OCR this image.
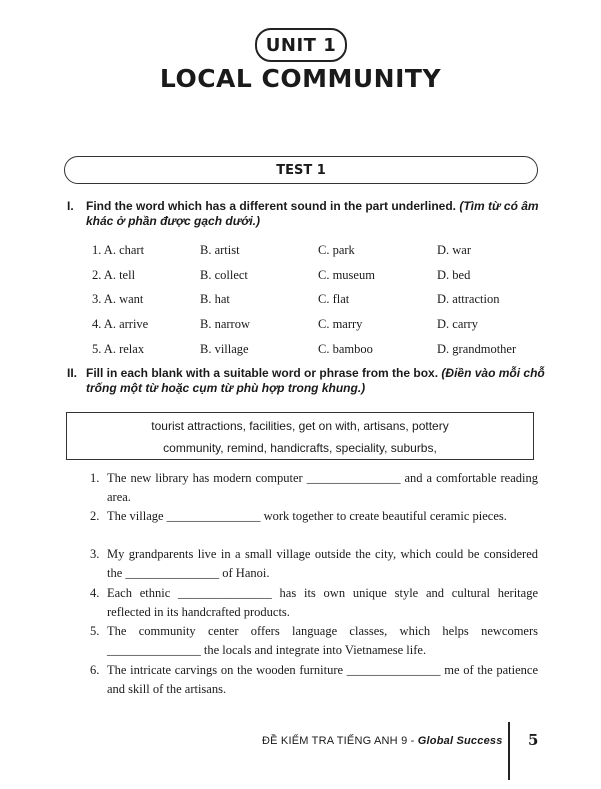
UNIT 1
LOCAL COMMUNITY
TEST 1
I. Find the word which has a different sound in the part underlined. (Tìm từ có âm khác ở phần được gạch dưới.)
1. A. chart	B. artist	C. park	D. war
2. A. tell	B. collect	C. museum	D. bed
3. A. want	B. hat	C. flat	D. attraction
4. A. arrive	B. narrow	C. marry	D. carry
5. A. relax	B. village	C. bamboo	D. grandmother
II. Fill in each blank with a suitable word or phrase from the box. (Điền vào mỗi chỗ trống một từ hoặc cụm từ phù hợp trong khung.)
tourist attractions, facilities, get on with, artisans, pottery
community, remind, handicrafts, speciality, suburbs,
1. The new library has modern computer _______________ and a comfortable reading area.
2. The village _______________ work together to create beautiful ceramic pieces.
3. My grandparents live in a small village outside the city, which could be considered the _______________ of Hanoi.
4. Each ethnic _______________ has its own unique style and cultural heritage reflected in its handcrafted products.
5. The community center offers language classes, which helps newcomers _______________ the locals and integrate into Vietnamese life.
6. The intricate carvings on the wooden furniture _______________ me of the patience and skill of the artisans.
ĐỀ KIỂM TRA TIẾNG ANH 9 - Global Success 5
